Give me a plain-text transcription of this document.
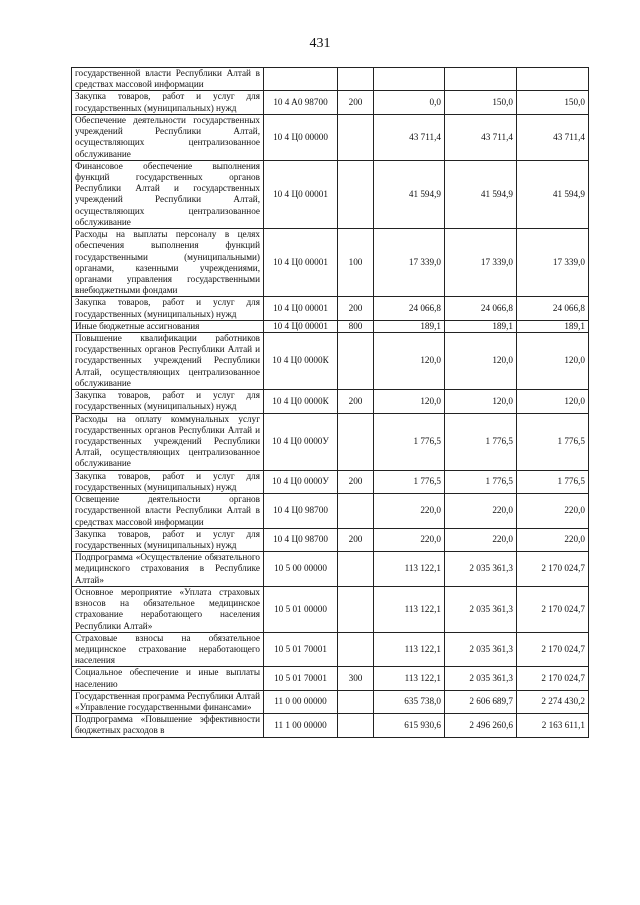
431
государственной власти Республики Алтай в средствах массовой информации					
Закупка товаров, работ и услуг для государственных (муниципальных) нужд	10 4 A0 98700	200	0,0	150,0	150,0
Обеспечение деятельности государственных учреждений Республики Алтай, осуществляющих централизованное обслуживание	10 4 Ц0 00000		43 711,4	43 711,4	43 711,4
Финансовое обеспечение выполнения функций государственных органов Республики Алтай и государственных учреждений Республики Алтай, осуществляющих централизованное обслуживание	10 4 Ц0 00001		41 594,9	41 594,9	41 594,9
Расходы на выплаты персоналу в целях обеспечения выполнения функций государственными (муниципальными) органами, казенными учреждениями, органами управления государственными внебюджетными фондами	10 4 Ц0 00001	100	17 339,0	17 339,0	17 339,0
Закупка товаров, работ и услуг для государственных (муниципальных) нужд	10 4 Ц0 00001	200	24 066,8	24 066,8	24 066,8
Иные бюджетные ассигнования	10 4 Ц0 00001	800	189,1	189,1	189,1
Повышение квалификации работников государственных органов Республики Алтай и государственных учреждений Республики Алтай, осуществляющих централизованное обслуживание	10 4 Ц0 0000К		120,0	120,0	120,0
Закупка товаров, работ и услуг для государственных (муниципальных) нужд	10 4 Ц0 0000К	200	120,0	120,0	120,0
Расходы на оплату коммунальных услуг государственных органов Республики Алтай и государственных учреждений Республики Алтай, осуществляющих централизованное обслуживание	10 4 Ц0 0000У		1 776,5	1 776,5	1 776,5
Закупка товаров, работ и услуг для государственных (муниципальных) нужд	10 4 Ц0 0000У	200	1 776,5	1 776,5	1 776,5
Освещение деятельности органов государственной власти Республики Алтай в средствах массовой информации	10 4 Ц0 98700		220,0	220,0	220,0
Закупка товаров, работ и услуг для государственных (муниципальных) нужд	10 4 Ц0 98700	200	220,0	220,0	220,0
Подпрограмма «Осуществление обязательного медицинского страхования в Республике Алтай»	10 5 00 00000		113 122,1	2 035 361,3	2 170 024,7
Основное мероприятие «Уплата страховых взносов на обязательное медицинское страхование неработающего населения Республики Алтай»	10 5 01 00000		113 122,1	2 035 361,3	2 170 024,7
Страховые взносы на обязательное медицинское страхование неработающего населения	10 5 01 70001		113 122,1	2 035 361,3	2 170 024,7
Социальное обеспечение и иные выплаты населению	10 5 01 70001	300	113 122,1	2 035 361,3	2 170 024,7
Государственная программа Республики Алтай «Управление государственными финансами»	11 0 00 00000		635 738,0	2 606 689,7	2 274 430,2
Подпрограмма «Повышение эффективности бюджетных расходов в	11 1 00 00000		615 930,6	2 496 260,6	2 163 611,1
